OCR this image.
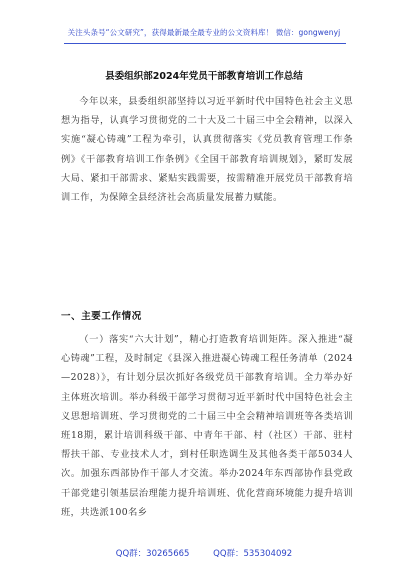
关注头条号“公文研究”，获得最新最全最专业的公文资料库！ 微信：gongwenyj
县委组织部2024年党员干部教育培训工作总结

今年以来，县委组织部坚持以习近平新时代中国特色社会主义思想为指导，认真学习贯彻党的二十大及二十届三中全会精神，以深入实施“凝心铸魂”工程为牵引，认真贯彻落实《党员教育管理工作条例》《干部教育培训工作条例》《全国干部教育培训规划》，紧盯发展大局、紧扣干部需求、紧贴实践需要，按需精准开展党员干部教育培训工作，为保障全县经济社会高质量发展蓄力赋能。

一、主要工作情况

（一）落实“六大计划”，精心打造教育培训矩阵。深入推进“凝心铸魂”工程，及时制定《县深入推进凝心铸魂工程任务清单（2024—2028）》，有计划分层次抓好各级党员干部教育培训。全力举办好主体班次培训。举办科级干部学习贯彻习近平新时代中国特色社会主义思想培训班、学习贯彻党的二十届三中全会精神培训班等各类培训班18期，累计培训科级干部、中青年干部、村（社区）干部、驻村帮扶干部、专业技术人才，到村任职选调生及其他各类干部5034人次。加强东西部协作干部人才交流。举办2024年东西部协作县党政干部党建引领基层治理能力提升培训班、优化营商环境能力提升培训班，共选派100名乡

QQ群：30265665	QQ群：535304092
